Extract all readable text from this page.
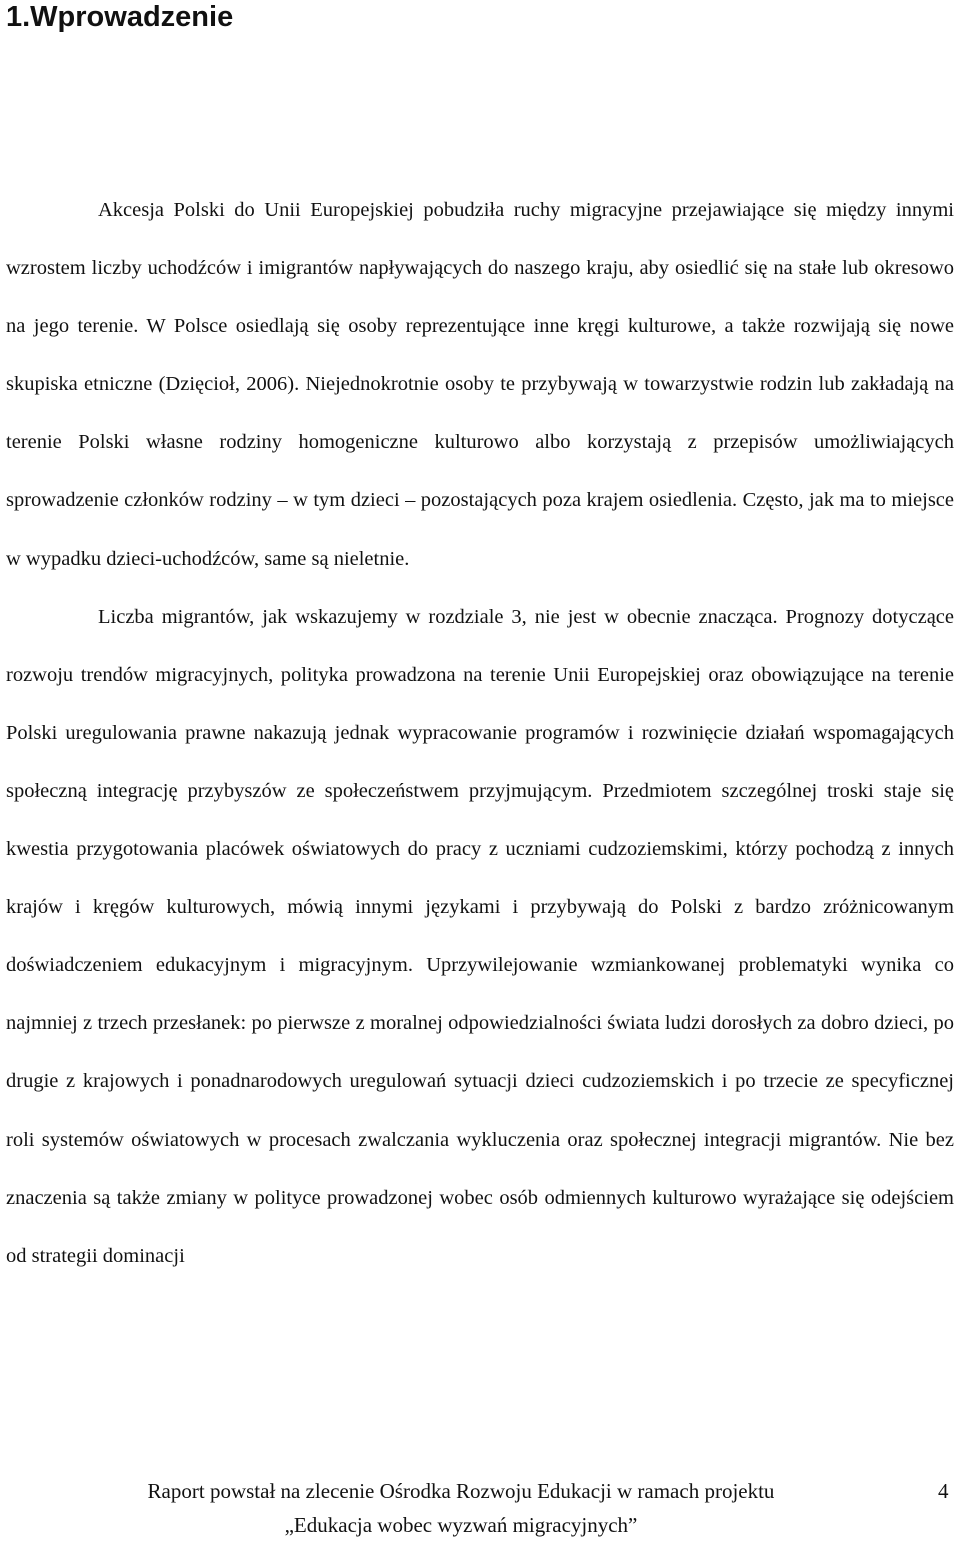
1.Wprowadzenie

Akcesja Polski do Unii Europejskiej pobudziła ruchy migracyjne przejawiające się między innymi wzrostem liczby uchodźców i imigrantów napływających do naszego kraju, aby osiedlić się na stałe lub okresowo na jego terenie. W Polsce osiedlają się osoby reprezentujące inne kręgi kulturowe, a także rozwijają się nowe skupiska etniczne (Dzięcioł, 2006). Niejednokrotnie osoby te przybywają w towarzystwie rodzin lub zakładają na terenie Polski własne rodziny homogeniczne kulturowo albo korzystają z przepisów umożliwiających sprowadzenie członków rodziny – w tym dzieci – pozostających poza krajem osiedlenia. Często, jak ma to miejsce w wypadku dzieci-uchodźców, same są nieletnie.

Liczba migrantów, jak wskazujemy w rozdziale 3, nie jest w obecnie znacząca. Prognozy dotyczące rozwoju trendów migracyjnych, polityka prowadzona na terenie Unii Europejskiej oraz obowiązujące na terenie Polski uregulowania prawne nakazują jednak wypracowanie programów i rozwinięcie działań wspomagających społeczną integrację przybyszów ze społeczeństwem przyjmującym. Przedmiotem szczególnej troski staje się kwestia przygotowania placówek oświatowych do pracy z uczniami cudzoziemskimi, którzy pochodzą z innych krajów i kręgów kulturowych, mówią innymi językami i przybywają do Polski z bardzo zróżnicowanym doświadczeniem edukacyjnym i migracyjnym. Uprzywilejowanie wzmiankowanej problematyki wynika co najmniej z trzech przesłanek: po pierwsze z moralnej odpowiedzialności świata ludzi dorosłych za dobro dzieci, po drugie z krajowych i ponadnarodowych uregulowań sytuacji dzieci cudzoziemskich i po trzecie ze specyficznej roli systemów oświatowych w procesach zwalczania wykluczenia oraz społecznej integracji migrantów. Nie bez znaczenia są także zmiany w polityce prowadzonej wobec osób odmiennych kulturowo wyrażające się odejściem od strategii dominacji

Raport powstał na zlecenie Ośrodka Rozwoju Edukacji w ramach projektu
„Edukacja wobec wyzwań migracyjnych”
4
